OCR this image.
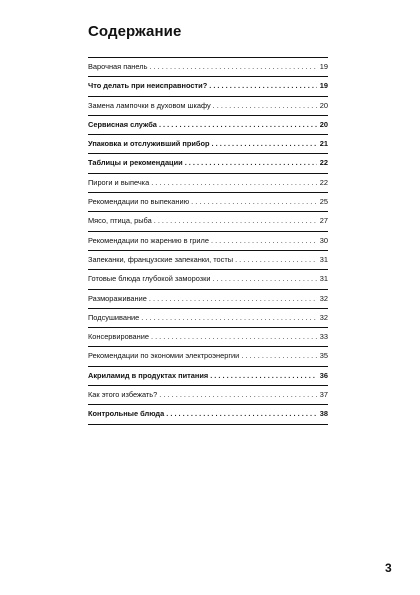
Содержание
Варочная панель . . .	19
Что делать при неисправности? . . .	19
Замена лампочки в духовом шкафу . . .	20
Сервисная служба . . .	20
Упаковка и отслуживший прибор . . .	21
Таблицы и рекомендации . . .	22
Пироги и выпечка . . .	22
Рекомендации по выпеканию . . .	25
Мясо, птица, рыба . . .	27
Рекомендации по жарению в гриле . . .	30
Запеканки, французские запеканки, тосты . . .	31
Готовые блюда глубокой заморозки . . .	31
Размораживание . . .	32
Подсушивание . . .	32
Консервирование . . .	33
Рекомендации по экономии электроэнергии . . .	35
Акриламид в продуктах питания . . .	36
Как этого избежать? . . .	37
Контрольные блюда . . .	38
3
